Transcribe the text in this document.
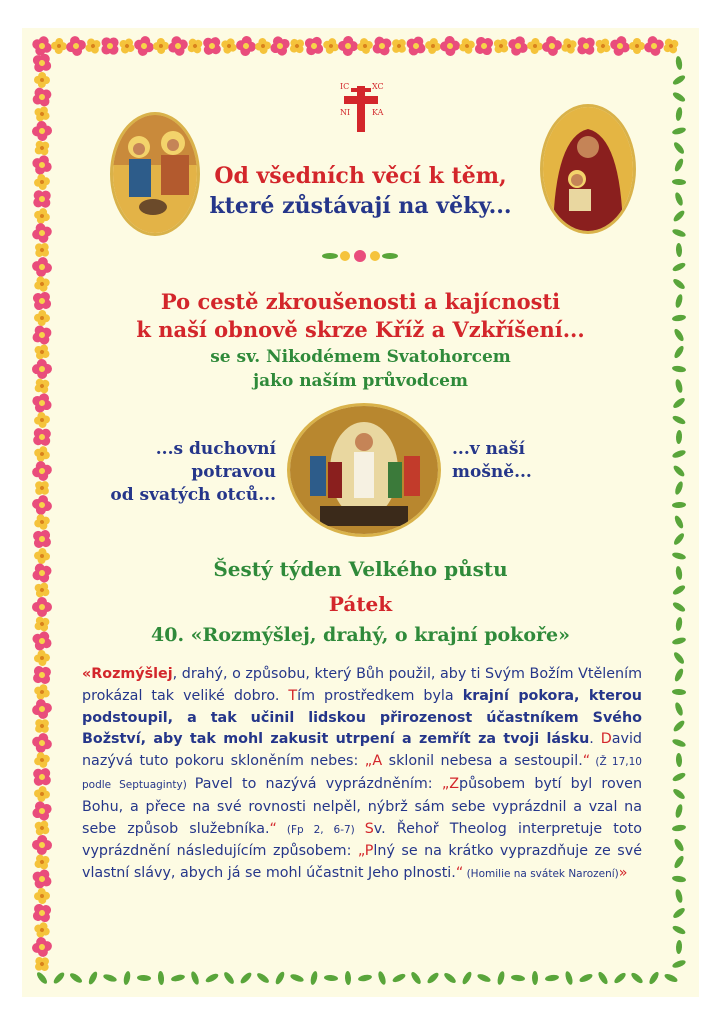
IC	XC
NI	KA

Od všedních věcí k těm,

které zůstávají na věky...

Po cestě zkroušenosti a kajícnosti

k naší obnově skrze Kříž a Vzkříšení...

se sv. Nikodémem Svatohorcem

jako naším průvodcem

...s duchovní
potravou
od svatých otců...
...v naší
mošně...

Šestý týden Velkého půstu

Pátek

40. «Rozmýšlej, drahý, o krajní pokoře»

«Rozmýšlej, drahý, o způsobu, který Bůh použil, aby ti Svým Božím Vtělením prokázal tak veliké dobro. Tím prostředkem byla krajní pokora, kterou podstoupil, a tak učinil lidskou přirozenost účastníkem Svého Božství, aby tak mohl zakusit utrpení a zemřít za tvoji lásku. David nazývá tuto pokoru skloněním nebes: „A sklonil nebesa a sestoupil.“ (Ž 17,10 podle Septuaginty) Pavel to nazývá vyprázdněním: „Způsobem bytí byl roven Bohu, a přece na své rovnosti nelpěl, nýbrž sám sebe vyprázdnil a vzal na sebe způsob služebníka.“ (Fp 2, 6-7) Sv. Řehoř Theolog interpretuje toto vyprázdnění následujícím způsobem: „Plný se na krátko vyprazdňuje ze své vlastní slávy, abych já se mohl účastnit Jeho plnosti.“ (Homilie na svátek Narození)»
